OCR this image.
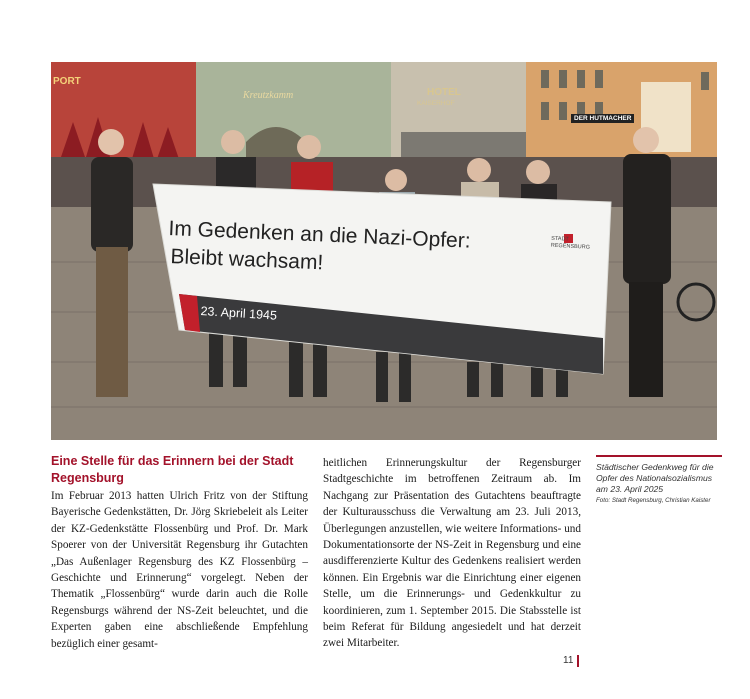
Im Gedenken an die Nazi-Opfer:
Bleibt wachsam!
23. April 1945
STADT REGENSBURG
PORT
Kreutzkamm	HOTEL
KAISERHOF
DER HUTMACHER
Eine Stelle für das Erinnern bei der Stadt Regensburg
Im Februar 2013 hatten Ulrich Fritz von der Stiftung Bayerische Gedenkstätten, Dr. Jörg Skriebeleit als Leiter der KZ-Gedenkstätte Flossenbürg und Prof. Dr. Mark Spoerer von der Universität Regensburg ihr Gutachten „Das Außenlager Regensburg des KZ Flossenbürg – Geschichte und Erinnerung“ vorgelegt. Neben der Thematik „Flossenbürg“ wurde darin auch die Rolle Regensburgs während der NS-Zeit beleuchtet, und die Experten gaben eine abschließende Empfehlung bezüglich einer gesamt-
heitlichen Erinnerungskultur der Regensburger Stadtgeschichte im betroffenen Zeitraum ab. Im Nachgang zur Präsentation des Gutachtens beauftragte der Kulturausschuss die Verwaltung am 23. Juli 2013, Überlegungen anzustellen, wie weitere Informations- und Dokumentationsorte der NS-Zeit in Regensburg und eine ausdifferenzierte Kultur des Gedenkens realisiert werden können. Ein Ergebnis war die Einrichtung einer eigenen Stelle, um die Erinnerungs- und Gedenkkultur zu koordinieren, zum 1. September 2015. Die Stabsstelle ist beim Referat für Bildung angesiedelt und hat derzeit zwei Mitarbeiter.
Städtischer Gedenkweg für die Opfer des Nationalsozialismus am 23. April 2025
Foto: Stadt Regensburg, Christian Kaister
11
